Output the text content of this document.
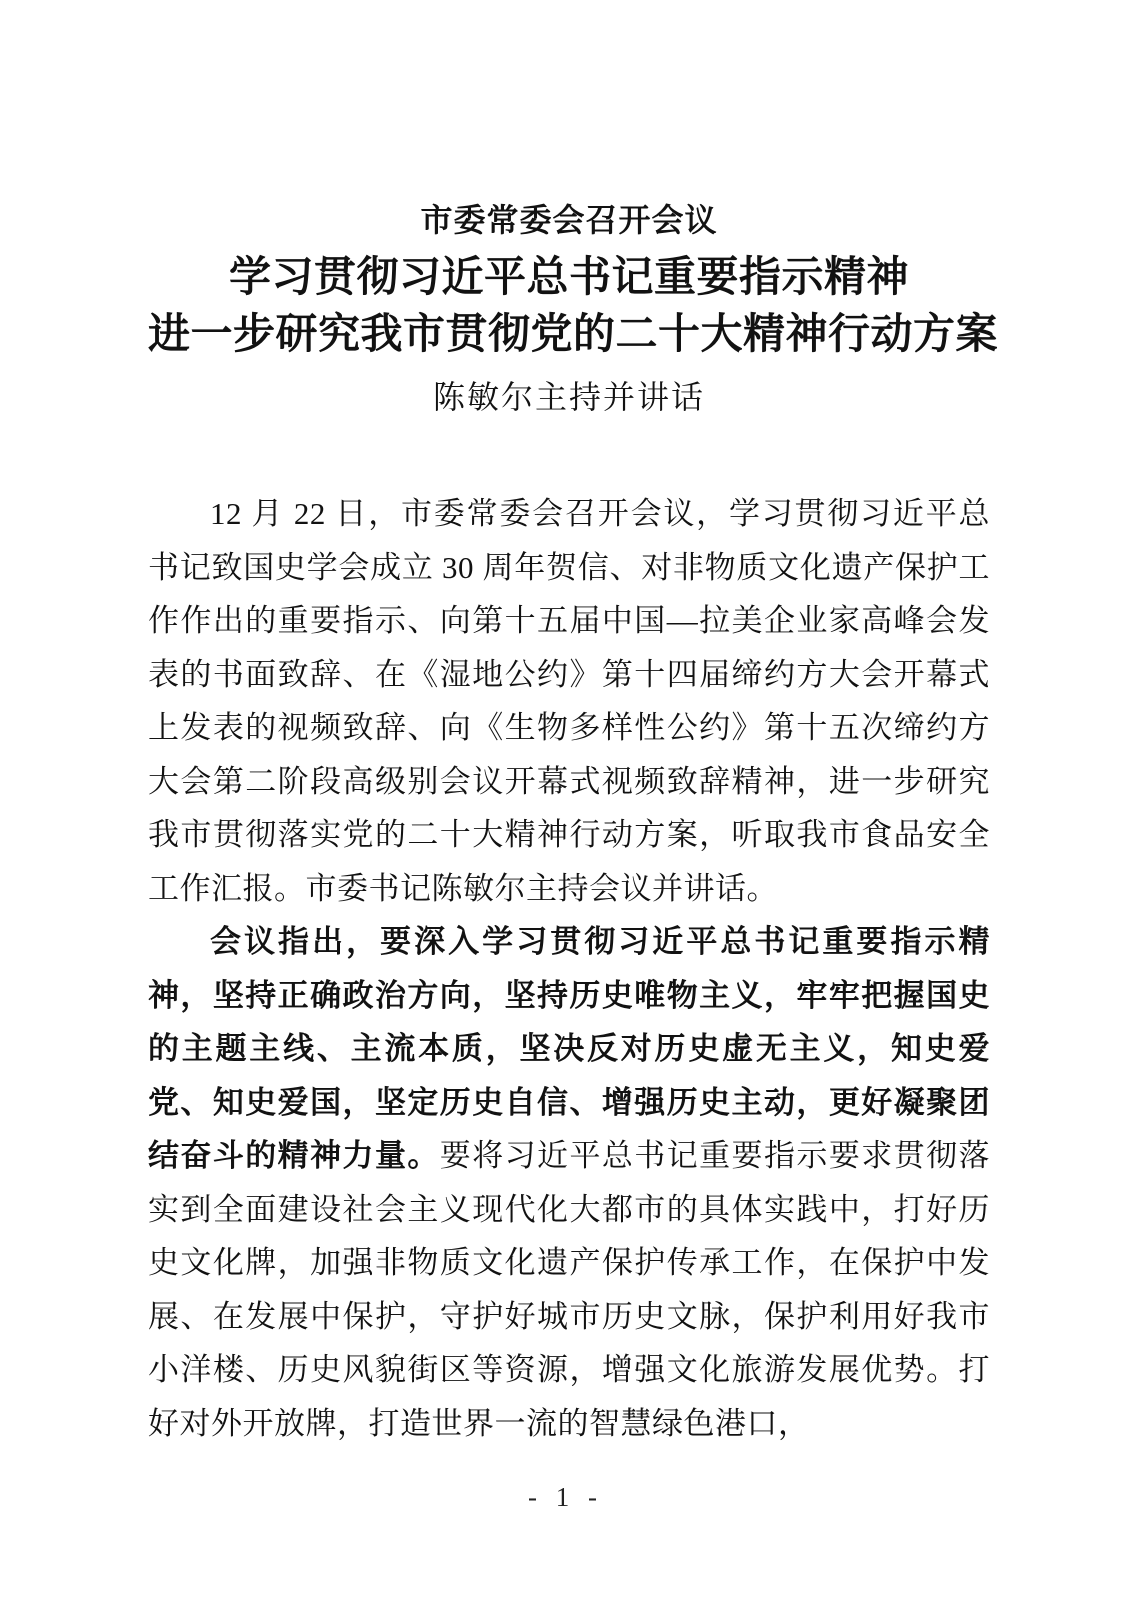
市委常委会召开会议
学习贯彻习近平总书记重要指示精神
进一步研究我市贯彻党的二十大精神行动方案
陈敏尔主持并讲话

12 月 22 日，市委常委会召开会议，学习贯彻习近平总书记致国史学会成立 30 周年贺信、对非物质文化遗产保护工作作出的重要指示、向第十五届中国—拉美企业家高峰会发表的书面致辞、在《湿地公约》第十四届缔约方大会开幕式上发表的视频致辞、向《生物多样性公约》第十五次缔约方大会第二阶段高级别会议开幕式视频致辞精神，进一步研究我市贯彻落实党的二十大精神行动方案，听取我市食品安全工作汇报。市委书记陈敏尔主持会议并讲话。

会议指出，要深入学习贯彻习近平总书记重要指示精神，坚持正确政治方向，坚持历史唯物主义，牢牢把握国史的主题主线、主流本质，坚决反对历史虚无主义，知史爱党、知史爱国，坚定历史自信、增强历史主动，更好凝聚团结奋斗的精神力量。要将习近平总书记重要指示要求贯彻落实到全面建设社会主义现代化大都市的具体实践中，打好历史文化牌，加强非物质文化遗产保护传承工作，在保护中发展、在发展中保护，守护好城市历史文脉，保护利用好我市小洋楼、历史风貌街区等资源，增强文化旅游发展优势。打好对外开放牌，打造世界一流的智慧绿色港口，

- 1 -
